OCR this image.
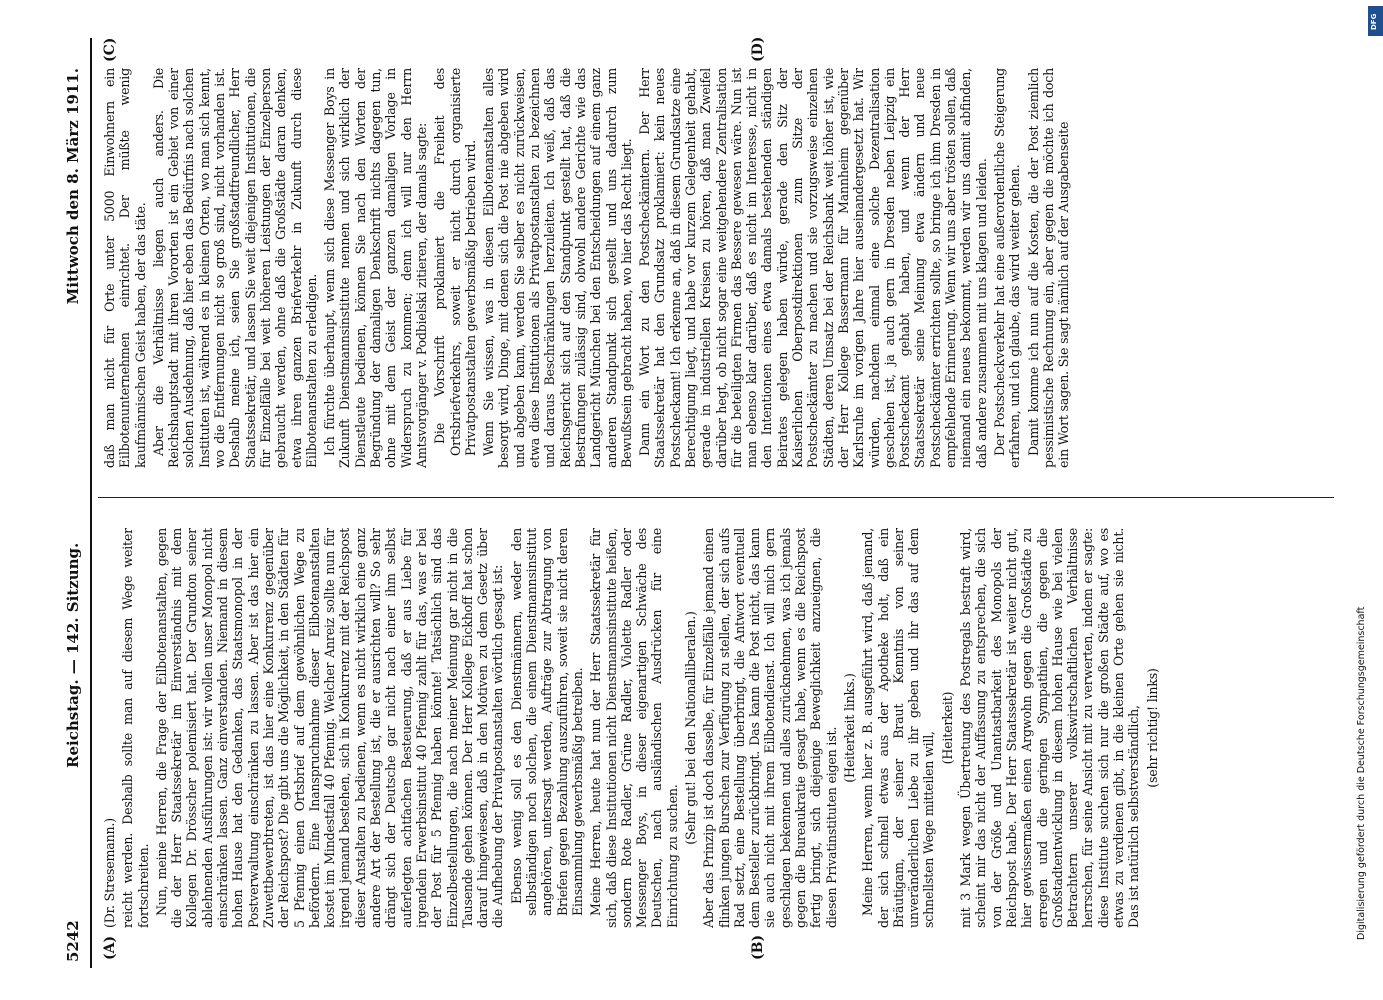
5242
Reichstag. — 142. Sitzung.
Mittwoch den 8. März 1911.
(A)	(B)
(C)	(D)

(Dr. Stresemann.) reicht werden. Deshalb sollte man auf diesem Wege weiter fortschreiten. Nun, meine Herren, die Frage der Eilbotenanstalten, gegen die der Herr Staatssekretär im Einverständnis mit dem Kollegen Dr. Drösscher polemisiert hat. Der Grundton seiner ablehnenden Ausführungen ist: wir wollen unser Monopol nicht einschränken lassen. Ganz einverstanden. Niemand in diesem hohen Hause hat den Gedanken, das Staatsmonopol in der Postverwaltung einschränken zu lassen. Aber ist das hier ein Zuwettbewerbtreten, ist das hier eine Konkurrenz gegenüber der Reichspost? Die gibt uns die Möglichkeit, in den Städten für 5 Pfennig einen Ortsbrief auf dem gewöhnlichen Wege zu befördern. Eine Inanspruchnahme dieser Eilbotenanstalten kostet im Mindestfall 40 Pfennig. Welcher Anreiz sollte nun für irgend jemand bestehen, sich in Konkurrenz mit der Reichspost dieser Anstalten zu bedienen, wenn es nicht wirklich eine ganz andere Art der Bestellung ist, die er ausrichten will? So sehr drängt sich der Deutsche gar nicht nach einer ihm selbst auferlegten achtfachen Besteuerung, daß er aus Liebe für irgendein Erwerbsinstitut 40 Pfennig zahlt für das, was er bei der Post für 5 Pfennig haben könnte! Tatsächlich sind das Einzelbestellungen, die nach meiner Meinung gar nicht in die Tausende gehen können. Der Herr Kollege Eickhoff hat schon darauf hingewiesen, daß in den Motiven zu dem Gesetz über die Aufhebung der Privatpostanstalten wörtlich gesagt ist: Ebenso wenig soll es den Dienstmännern, weder den selbständigen noch solchen, die einem Dienstmannsinstitut angehören, untersagt werden, Aufträge zur Abtragung von Briefen gegen Bezahlung auszuführen, soweit sie nicht deren Einsammlung gewerbsmäßig betreiben. Meine Herren, heute hat nun der Herr Staatssekretär für sich, daß diese Institutionen nicht Dienstmannsinstitute heißen, sondern Rote Radler, Grüne Radler, Violette Radler oder Messenger Boys, in dieser eigenartigen Schwäche des Deutschen, nach ausländischen Ausdrücken für eine Einrichtung zu suchen.

(Sehr gut! bei den Nationalliberalen.) Aber das Prinzip ist doch dasselbe, für Einzelfälle jemand einen flinken jungen Burschen zur Verfügung zu stellen, der sich aufs Rad setzt, eine Bestellung überbringt, die Antwort eventuell dem Besteller zurückbringt. Das kann die Post nicht, das kann sie auch nicht mit ihrem Eilbotendienst. Ich will mich gern geschlagen bekennen und alles zurücknehmen, was ich jemals gegen die Bureaukratie gesagt habe, wenn es die Reichspost fertig bringt, sich diejenige Beweglichkeit anzueignen, die diesen Privatinstituten eigen ist. (Heiterkeit links.) Meine Herren, wenn hier z. B. ausgeführt wird, daß jemand, der sich schnell etwas aus der Apotheke holt, daß ein Bräutigam, der seiner Braut Kenntnis von seiner unveränderlichen Liebe zu ihr geben und ihr das auf dem schnellsten Wege mitteilen will,

(Heiterkeit) mit 3 Mark wegen Übertretung des Postregals bestraft wird, scheint mir das nicht der Auffassung zu entsprechen, die sich von der Größe und Unantastbarkeit des Monopols der Reichspost habe. Der Herr Staatssekretär ist weiter nicht gut, hier gewissermaßen einen Argwohn gegen die Großstädte zu erregen und die geringen Sympathien, die gegen die Großstadtentwicklung in diesem hohen Hause wie bei vielen Betrachtern unserer volkswirtschaftlichen Verhältnisse herrschen, für seine Ansicht mit zu verwerten, indem er sagte: diese Institute suchen sich nur die großen Städte auf, wo es etwas zu verdienen gibt, in die kleinen Orte gehen sie nicht. Das ist natürlich selbstverständlich, (sehr richtig! links)

daß man nicht für Orte unter 5000 Einwohnern ein Eilbotenunternehmen einrichtet. Der müßte wenig kaufmännischen Geist haben, der das täte. Aber die Verhältnisse liegen auch anders. Die Reichshauptstadt mit ihren Vororten ist ein Gebiet von einer solchen Ausdehnung, daß hier eben das Bedürfnis nach solchen Instituten ist, während es in kleinen Orten, wo man sich kennt, wo die Entfernungen nicht so groß sind, nicht vorhanden ist. Deshalb meine ich, seien Sie großstadtfreundlicher, Herr Staatssekretär, und lassen Sie weit diejenigen Institutionen, die für Einzelfälle bei weit höheren Leistungen der Einzelperson gebraucht werden, ohne daß die Großstädte daran denken, etwa ihren ganzen Briefverkehr in Zukunft durch diese Eilbotenanstalten zu erledigen. Ich fürchte überhaupt, wenn sich diese Messenger Boys in Zukunft Dienstmannsinstitute nennen und sich wirklich der Dienstleute bedienen, können Sie nach den Worten der Begründung der damaligen Denkschrift nichts dagegen tun, ohne mit dem Geist der ganzen damaligen Vorlage in Widerspruch zu kommen; denn ich will nur den Herrn Amtsvorgänger v. Podbielski zitieren, der damals sagte: Die Vorschrift proklamiert die Freiheit des Ortsbriefverkehrs, soweit er nicht durch organisierte Privatpostanstalten gewerbsmäßig betrieben wird. Wenn Sie wissen, was in diesen Eilbotenanstalten alles besorgt wird, Dinge, mit denen sich die Post nie abgeben wird und abgeben kann, werden Sie selber es nicht zurückweisen, etwa diese Institutionen als Privatpostanstalten zu bezeichnen und daraus Beschränkungen herzuleiten. Ich weiß, daß das Reichsgericht sich auf den Standpunkt gestellt hat, daß die Bestrafungen zulässig sind, obwohl andere Gerichte wie das Landgericht München bei den Entscheidungen auf einem ganz anderen Standpunkt sich gestellt und uns dadurch zum Bewußtsein gebracht haben, wo hier das Recht liegt. Dann ein Wort zu den Postscheckämtern. Der Herr Staatssekretär hat den Grundsatz proklamiert: kein neues Postscheckamt! Ich erkenne an, daß in diesem Grundsatze eine Berechtigung liegt, und habe vor kurzem Gelegenheit gehabt, gerade in industriellen Kreisen zu hören, daß man Zweifel darüber hegt, ob nicht sogar eine weitgehendere Zentralisation für die beteiligten Firmen das Bessere gewesen wäre. Nun ist man ebenso klar darüber, daß es nicht im Interesse, nicht in den Intentionen eines etwa damals bestehenden ständigen Beirates gelegen haben würde, gerade den Sitz der Kaiserlichen Oberpostdirektionen zum Sitze der Postscheckämter zu machen und sie vorzugsweise einzelnen Städten, deren Umsatz bei der Reichsbank weit höher ist, wie der Herr Kollege Bassermann für Mannheim gegenüber Karlsruhe im vorigen Jahre hier auseinandergesetzt hat. Wir würden, nachdem einmal eine solche Dezentralisation geschehen ist, ja auch gern in Dresden neben Leipzig ein Postscheckamt gehabt haben, und wenn der Herr Staatssekretär seine Meinung etwa ändern und neue Postscheckämter errichten sollte, so bringe ich ihm Dresden in empfehlende Erinnerung. Wenn wir uns aber trösten sollen, daß niemand ein neues bekommt, werden wir uns damit abfinden, daß andere zusammen mit uns klagen und leiden. Der Postscheckverkehr hat eine außerordentliche Steigerung erfahren, und ich glaube, das wird weiter gehen. Damit komme ich nun auf die Kosten, die der Post ziemlich pessimistische Rechnung ein, aber gegen die möchte ich doch ein Wort sagen. Sie sagt nämlich auf der Ausgabenseite

Digitalisierung gefördert durch die Deutsche Forschungsgemeinschaft
DFG
